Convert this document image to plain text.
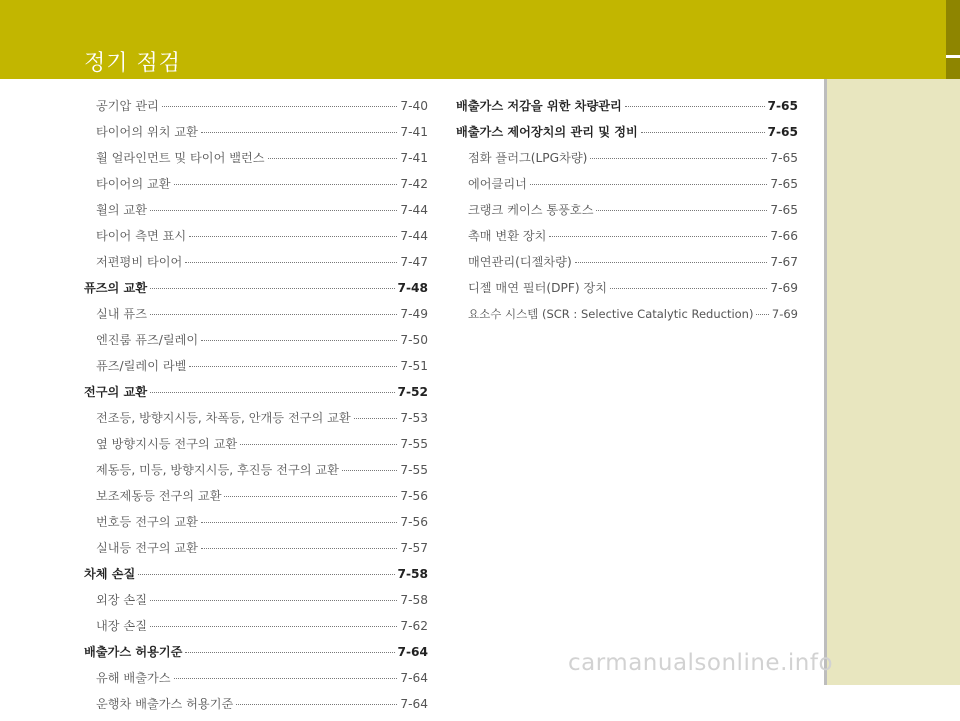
정기 점검
공기압 관리	7-40
타이어의 위치 교환	7-41
휠 얼라인먼트 및 타이어 밸런스	7-41
타이어의 교환	7-42
휠의 교환	7-44
타이어 측면 표시	7-44
저편평비 타이어	7-47
퓨즈의 교환	7-48
실내 퓨즈	7-49
엔진룸 퓨즈/릴레이	7-50
퓨즈/릴레이 라벨	7-51
전구의 교환	7-52
전조등, 방향지시등, 차폭등, 안개등 전구의 교환	7-53
옆 방향지시등 전구의 교환	7-55
제동등, 미등, 방향지시등, 후진등 전구의 교환	7-55
보조제동등 전구의 교환	7-56
번호등 전구의 교환	7-56
실내등 전구의 교환	7-57
차체 손질	7-58
외장 손질	7-58
내장 손질	7-62
배출가스 허용기준	7-64
유해 배출가스	7-64
운행차 배출가스 허용기준	7-64
배출가스 저감을 위한 차량관리	7-65
배출가스 제어장치의 관리 및 정비	7-65
점화 플러그(LPG차량)	7-65
에어클리너	7-65
크랭크 케이스 통풍호스	7-65
촉매 변환 장치	7-66
매연관리(디젤차량)	7-67
디젤 매연 필터(DPF) 장치	7-69
요소수 시스템 (SCR : Selective Catalytic Reduction) 7-69
carmanualsonline.info
